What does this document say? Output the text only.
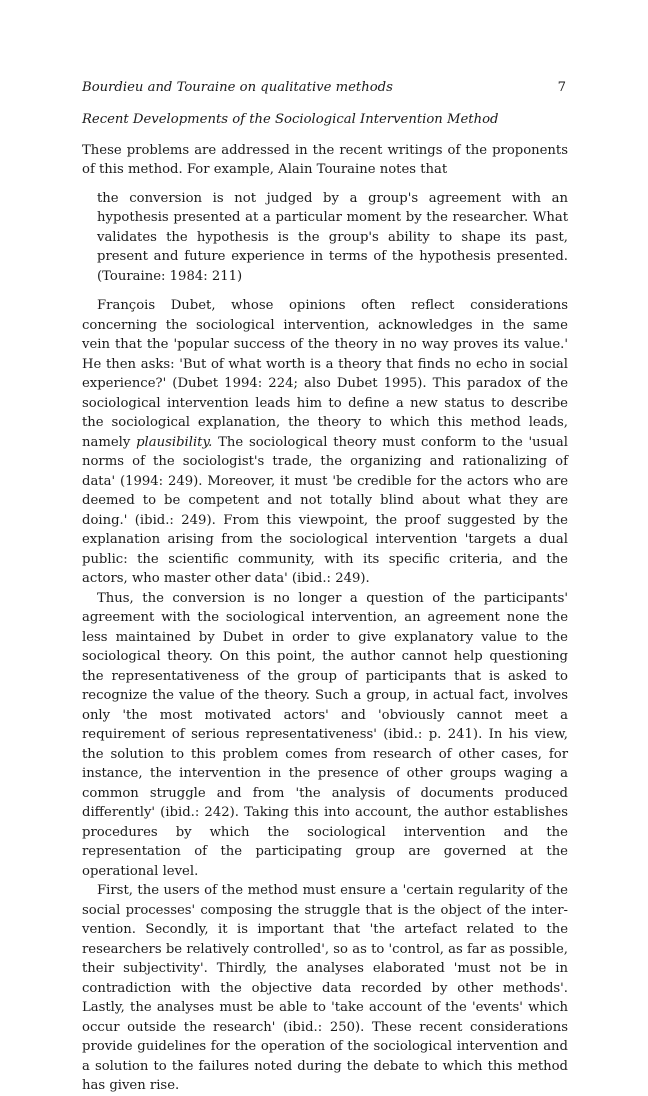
Bourdieu and Touraine on qualitative methods	7
Recent Developments of the Sociological Intervention Method

These problems are addressed in the recent writings of the proponents of this method. For example, Alain Touraine notes that

the conversion is not judged by a group's agreement with an hypothesis presented at a particular moment by the researcher. What validates the hypothesis is the group's ability to shape its past, present and future experience in terms of the hypothesis presented. (Touraine: 1984: 211)

François Dubet, whose opinions often reflect considerations concerning the sociological intervention, acknowledges in the same vein that the 'popular success of the theory in no way proves its value.' He then asks: 'But of what worth is a theory that finds no echo in social experience?' (Dubet 1994: 224; also Dubet 1995). This paradox of the sociological intervention leads him to define a new status to describe the sociological explanation, the theory to which this method leads, namely plausibility. The sociological theory must conform to the 'usual norms of the sociologist's trade, the organizing and rationalizing of data' (1994: 249). Moreover, it must 'be credible for the actors who are deemed to be competent and not totally blind about what they are doing.' (ibid.: 249). From this viewpoint, the proof suggested by the explanation arising from the sociological intervention 'targets a dual public: the scientific community, with its specific criteria, and the actors, who master other data' (ibid.: 249).

Thus, the conversion is no longer a question of the participants' agreement with the sociological intervention, an agreement none the less maintained by Dubet in order to give explanatory value to the sociological theory. On this point, the author cannot help questioning the representativeness of the group of participants that is asked to recognize the value of the theory. Such a group, in actual fact, involves only 'the most motivated actors' and 'obviously cannot meet a requirement of serious representativeness' (ibid.: p. 241). In his view, the solution to this problem comes from research of other cases, for instance, the intervention in the presence of other groups waging a common struggle and from 'the analysis of documents produced differently' (ibid.: 242). Taking this into account, the author establishes procedures by which the sociological intervention and the representation of the participating group are governed at the operational level.

First, the users of the method must ensure a 'certain regularity of the social processes' composing the struggle that is the object of the intervention. Secondly, it is important that 'the artefact related to the researchers be relatively controlled', so as to 'control, as far as possible, their subjectivity'. Thirdly, the analyses elaborated 'must not be in contradiction with the objective data recorded by other methods'. Lastly, the analyses must be able to 'take account of the 'events' which occur outside the research' (ibid.: 250). These recent considerations provide guidelines for the operation of the sociological intervention and a solution to the failures noted during the debate to which this method has given rise.
